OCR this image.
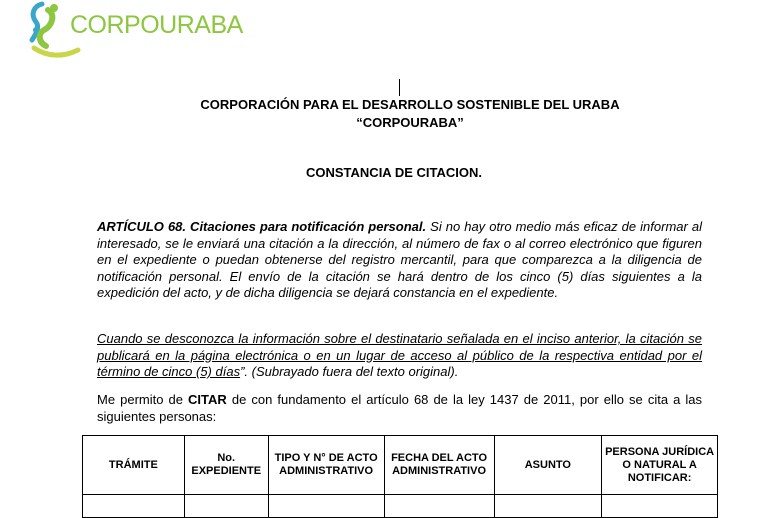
CORPOURABA
CORPORACIÓN PARA EL DESARROLLO SOSTENIBLE DEL URABA
“CORPOURABA”
CONSTANCIA DE CITACION.
ARTÍCULO 68. Citaciones para notificación personal. Si no hay otro medio más eficaz de informar al interesado, se le enviará una citación a la dirección, al número de fax o al correo electrónico que figuren en el expediente o puedan obtenerse del registro mercantil, para que comparezca a la diligencia de notificación personal. El envío de la citación se hará dentro de los cinco (5) días siguientes a la expedición del acto, y de dicha diligencia se dejará constancia en el expediente.
Cuando se desconozca la información sobre el destinatario señalada en el inciso anterior, la citación se publicará en la página electrónica o en un lugar de acceso al público de la respectiva entidad por el término de cinco (5) días”. (Subrayado fuera del texto original).
Me permito de CITAR de con fundamento el artículo 68 de la ley 1437 de 2011, por ello se cita a las siguientes personas:
TRÁMITE	No. EXPEDIENTE	TIPO Y N° DE ACTO ADMINISTRATIVO	FECHA DEL ACTO ADMINISTRATIVO	ASUNTO	PERSONA JURÍDICA O NATURAL A NOTIFICAR:
